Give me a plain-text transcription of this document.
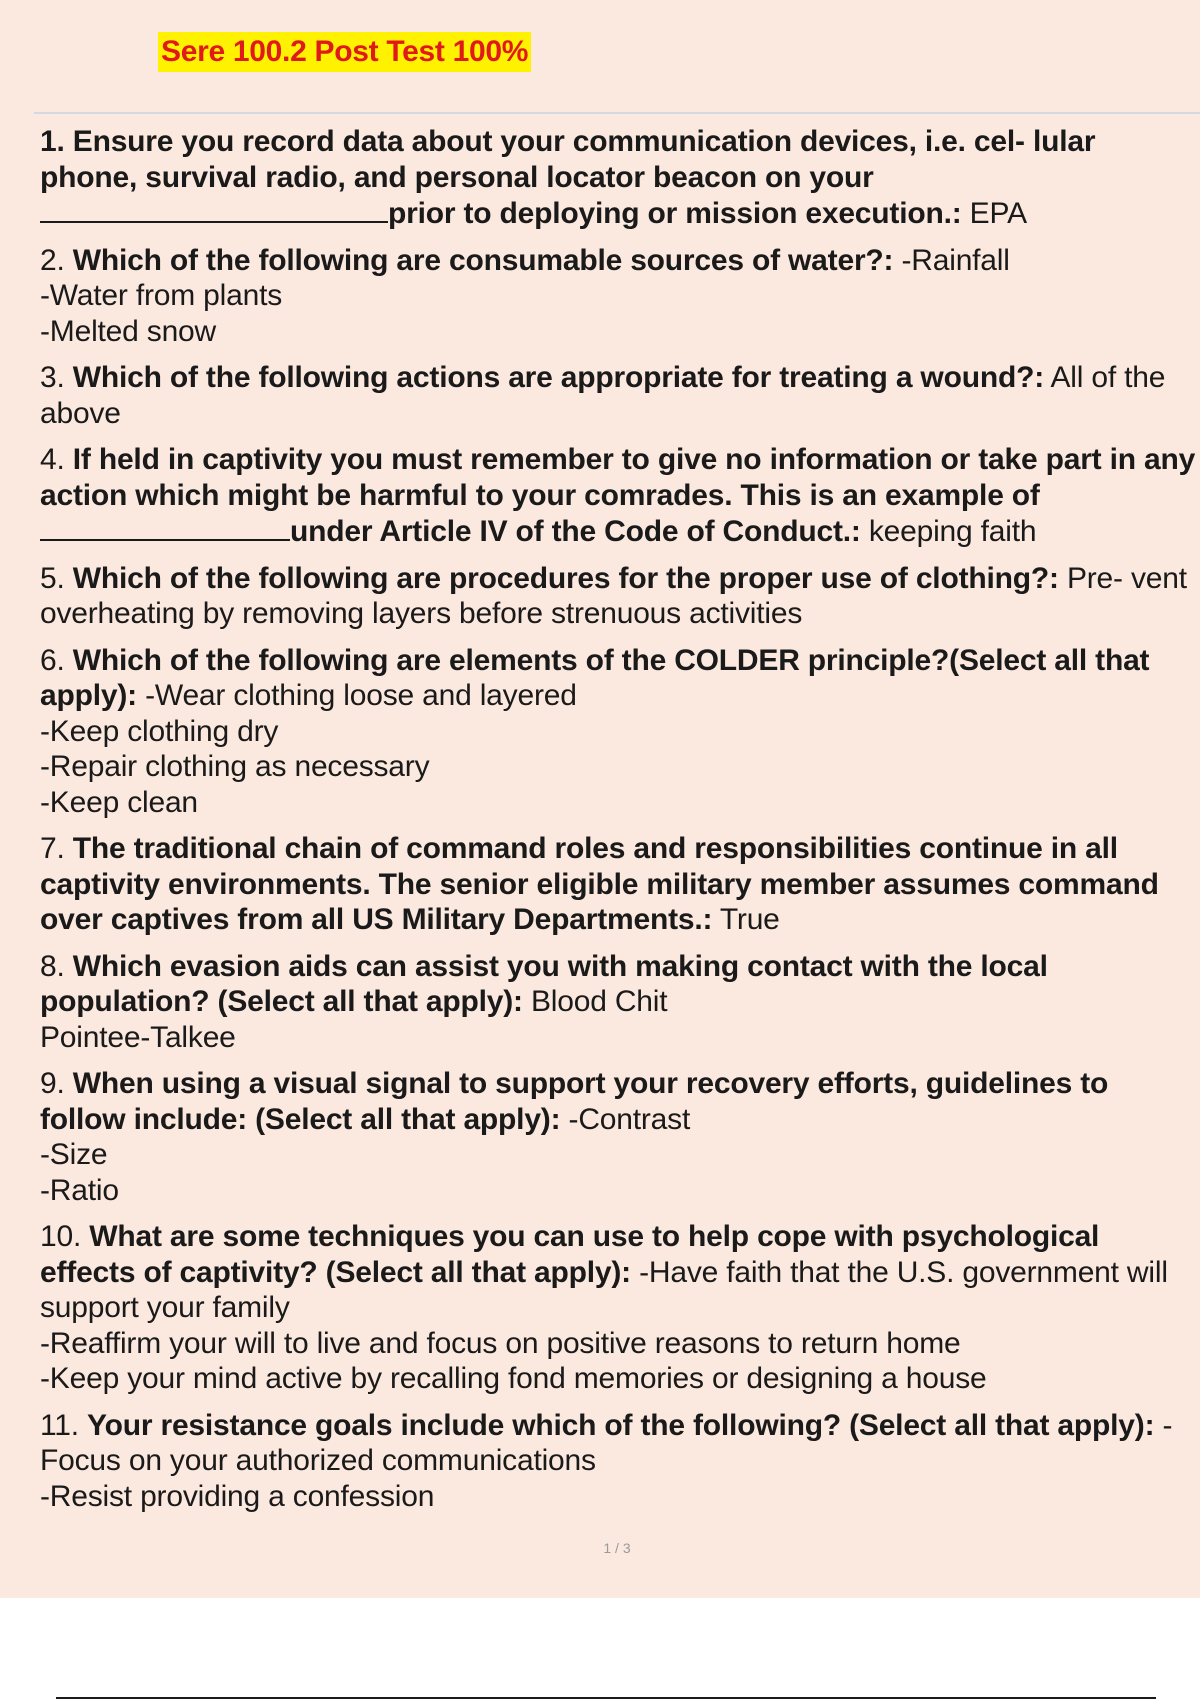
Sere 100.2 Post Test 100%
1. Ensure you record data about your communication devices, i.e. cel- lular phone, survival radio, and personal locator beacon on your
prior to deploying or mission execution.: EPA
2. Which of the following are consumable sources of water?: -Rainfall
-Water from plants
-Melted snow
3. Which of the following actions are appropriate for treating a wound?: All of the above
4. If held in captivity you must remember to give no information or take part in any action which might be harmful to your comrades. This is an example ofunder Article IV of the Code of Conduct.: keeping faith
5. Which of the following are procedures for the proper use of clothing?: Pre- vent overheating by removing layers before strenuous activities
6. Which of the following are elements of the COLDER principle?(Select all that apply): -Wear clothing loose and layered
-Keep clothing dry
-Repair clothing as necessary
-Keep clean
7. The traditional chain of command roles and responsibilities continue in all captivity environments. The senior eligible military member assumes command over captives from all US Military Departments.: True
8. Which evasion aids can assist you with making contact with the local population? (Select all that apply): Blood Chit
Pointee-Talkee
9. When using a visual signal to support your recovery efforts, guidelines to follow include: (Select all that apply): -Contrast
-Size
-Ratio
10. What are some techniques you can use to help cope with psychological effects of captivity? (Select all that apply): -Have faith that the U.S. government will support your family
-Reaffirm your will to live and focus on positive reasons to return home
-Keep your mind active by recalling fond memories or designing a house
11. Your resistance goals include which of the following? (Select all that apply): -Focus on your authorized communications
-Resist providing a confession
1 / 3
